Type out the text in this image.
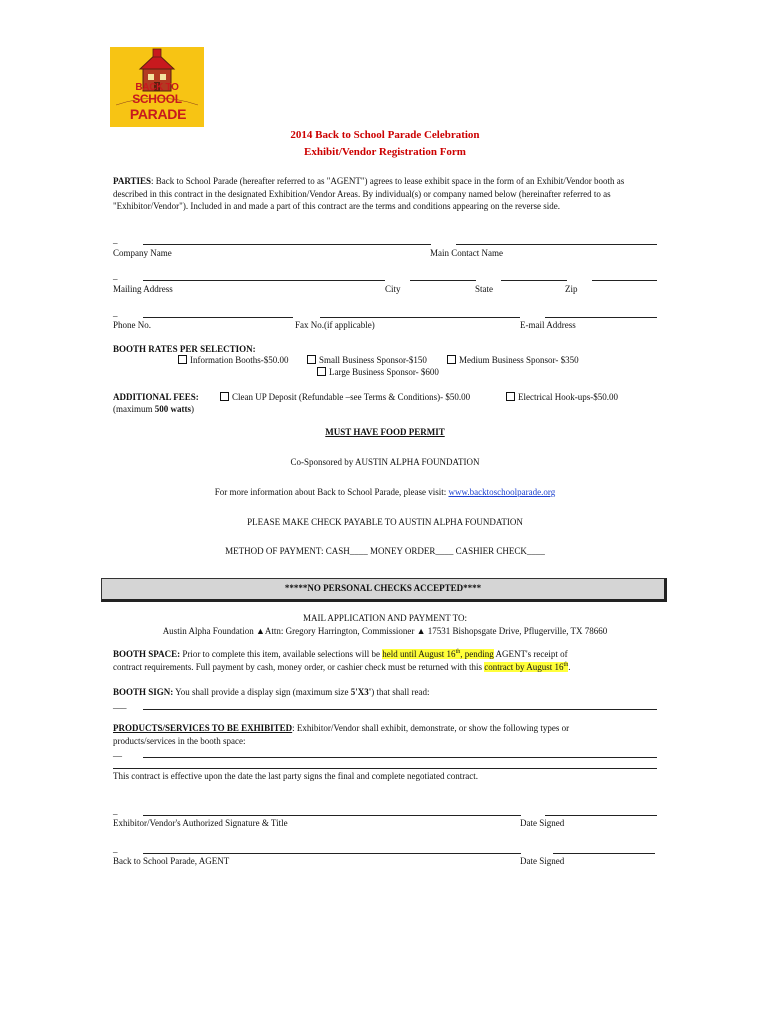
BACK TO
SCHOOL
PARADE
2014 Back to School Parade Celebration
Exhibit/Vendor Registration Form
PARTIES: Back to School Parade (hereafter referred to as "AGENT") agrees to lease exhibit space in the form of an Exhibit/Vendor booth as described in this contract in the designated Exhibition/Vendor Areas. By individual(s) or company named below (hereinafter referred to as "Exhibitor/Vendor"). Included in and made a part of this contract are the terms and conditions appearing on the reverse side.
_
Company Name	Main Contact Name
_
Mailing Address	City	State	Zip
_
Phone No.	Fax No.(if applicable)	E-mail Address
BOOTH RATES PER SELECTION:
Information Booths-$50.00	Small Business Sponsor-$150	Medium Business Sponsor- $350
Large Business Sponsor- $600
ADDITIONAL FEES:	Clean UP Deposit (Refundable –see Terms & Conditions)- $50.00	Electrical Hook-ups-$50.00
(maximum 500 watts)
MUST HAVE FOOD PERMIT
Co-Sponsored by AUSTIN ALPHA FOUNDATION
For more information about Back to School Parade, please visit: www.backtoschoolparade.org
PLEASE MAKE CHECK PAYABLE TO AUSTIN ALPHA FOUNDATION
METHOD OF PAYMENT: CASH____ MONEY ORDER____ CASHIER CHECK____
*****NO PERSONAL CHECKS ACCEPTED****
MAIL APPLICATION AND PAYMENT TO:
Austin Alpha Foundation ▲Attn: Gregory Harrington, Commissioner ▲ 17531 Bishopsgate Drive, Pflugerville, TX 78660
BOOTH SPACE: Prior to complete this item, available selections will be held until August 16th, pending AGENT's receipt of
contract requirements. Full payment by cash, money order, or cashier check must be returned with this contract by August 16th.
BOOTH SIGN: You shall provide a display sign (maximum size 5'X3') that shall read:
___
PRODUCTS/SERVICES TO BE EXHIBITED: Exhibitor/Vendor shall exhibit, demonstrate, or show the following types or
products/services in the booth space:
__
This contract is effective upon the date the last party signs the final and complete negotiated contract.
_
Exhibitor/Vendor's Authorized Signature & Title	Date Signed
_
Back to School Parade, AGENT	Date Signed
